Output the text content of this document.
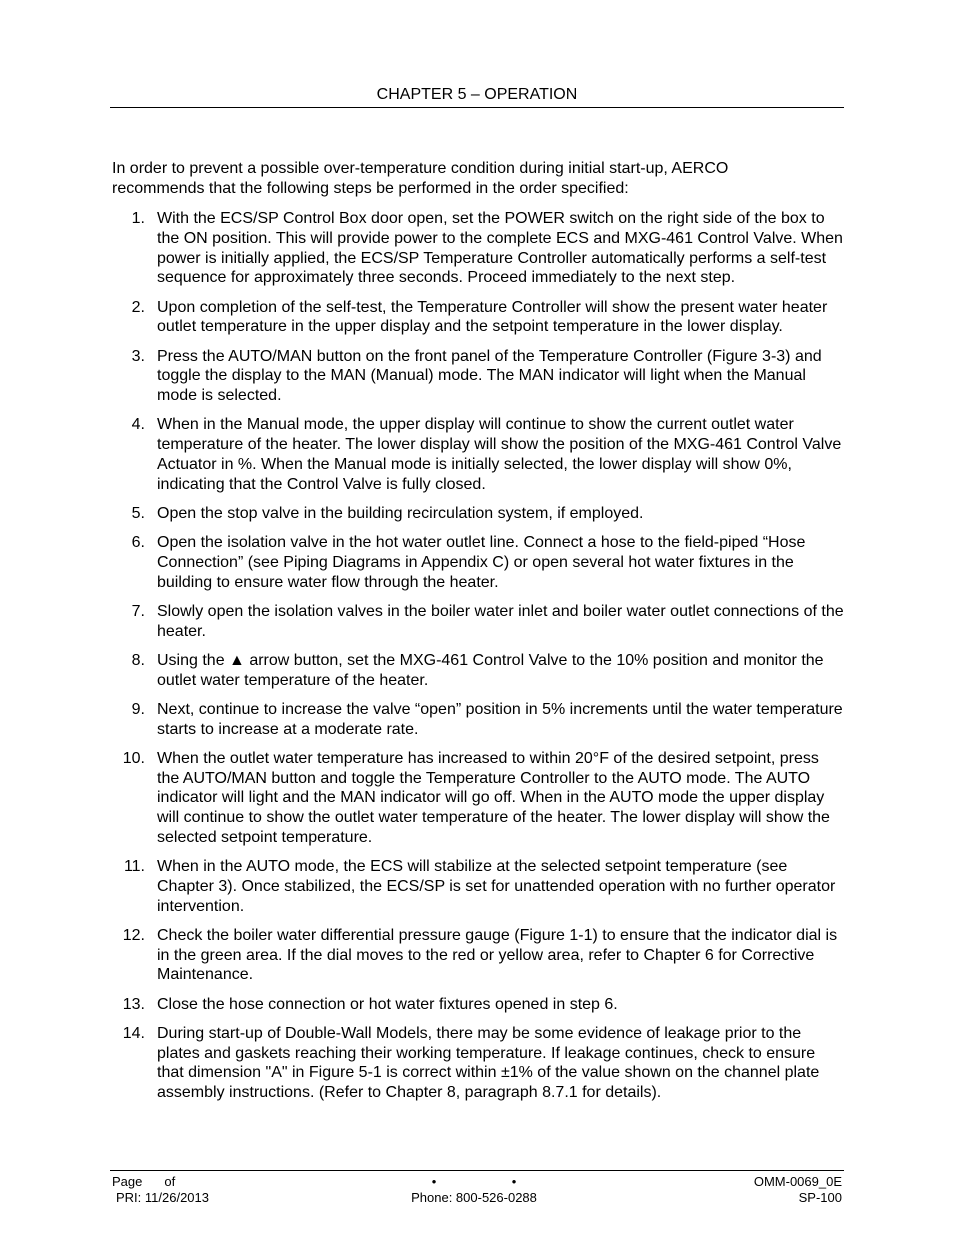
CHAPTER 5 – OPERATION

In order to prevent a possible over-temperature condition during initial start-up, AERCO recommends that the following steps be performed in the order specified:

1. With the ECS/SP Control Box door open, set the POWER switch on the right side of the box to the ON position. This will provide power to the complete ECS and MXG-461 Control Valve. When power is initially applied, the ECS/SP Temperature Controller automatically performs a self-test sequence for approximately three seconds. Proceed immediately to the next step.
2. Upon completion of the self-test, the Temperature Controller will show the present water heater outlet temperature in the upper display and the setpoint temperature in the lower display.
3. Press the AUTO/MAN button on the front panel of the Temperature Controller (Figure 3-3) and toggle the display to the MAN (Manual) mode. The MAN indicator will light when the Manual mode is selected.
4. When in the Manual mode, the upper display will continue to show the current outlet water temperature of the heater. The lower display will show the position of the MXG-461 Control Valve Actuator in %. When the Manual mode is initially selected, the lower display will show 0%, indicating that the Control Valve is fully closed.
5. Open the stop valve in the building recirculation system, if employed.
6. Open the isolation valve in the hot water outlet line. Connect a hose to the field-piped “Hose Connection” (see Piping Diagrams in Appendix C) or open several hot water fixtures in the building to ensure water flow through the heater.
7. Slowly open the isolation valves in the boiler water inlet and boiler water outlet connections of the heater.
8. Using the ▲ arrow button, set the MXG-461 Control Valve to the 10% position and monitor the outlet water temperature of the heater.
9. Next, continue to increase the valve “open” position in 5% increments until the water temperature starts to increase at a moderate rate.
10. When the outlet water temperature has increased to within 20°F of the desired setpoint, press the AUTO/MAN button and toggle the Temperature Controller to the AUTO mode. The AUTO indicator will light and the MAN indicator will go off. When in the AUTO mode the upper display will continue to show the outlet water temperature of the heater. The lower display will show the selected setpoint temperature.
11. When in the AUTO mode, the ECS will stabilize at the selected setpoint temperature (see Chapter 3). Once stabilized, the ECS/SP is set for unattended operation with no further operator intervention.
12. Check the boiler water differential pressure gauge (Figure 1-1) to ensure that the indicator dial is in the green area. If the dial moves to the red or yellow area, refer to Chapter 6 for Corrective Maintenance.
13. Close the hose connection or hot water fixtures opened in step 6.
14. During start-up of Double-Wall Models, there may be some evidence of leakage prior to the plates and gaskets reaching their working temperature. If leakage continues, check to ensure that dimension "A" in Figure 5-1 is correct within ±1% of the value shown on the channel plate assembly instructions. (Refer to Chapter 8, paragraph 8.7.1 for details).
Page of
PRI: 11/26/2013
•	•
Phone: 800-526-0288
OMM-0069_0E
SP-100
